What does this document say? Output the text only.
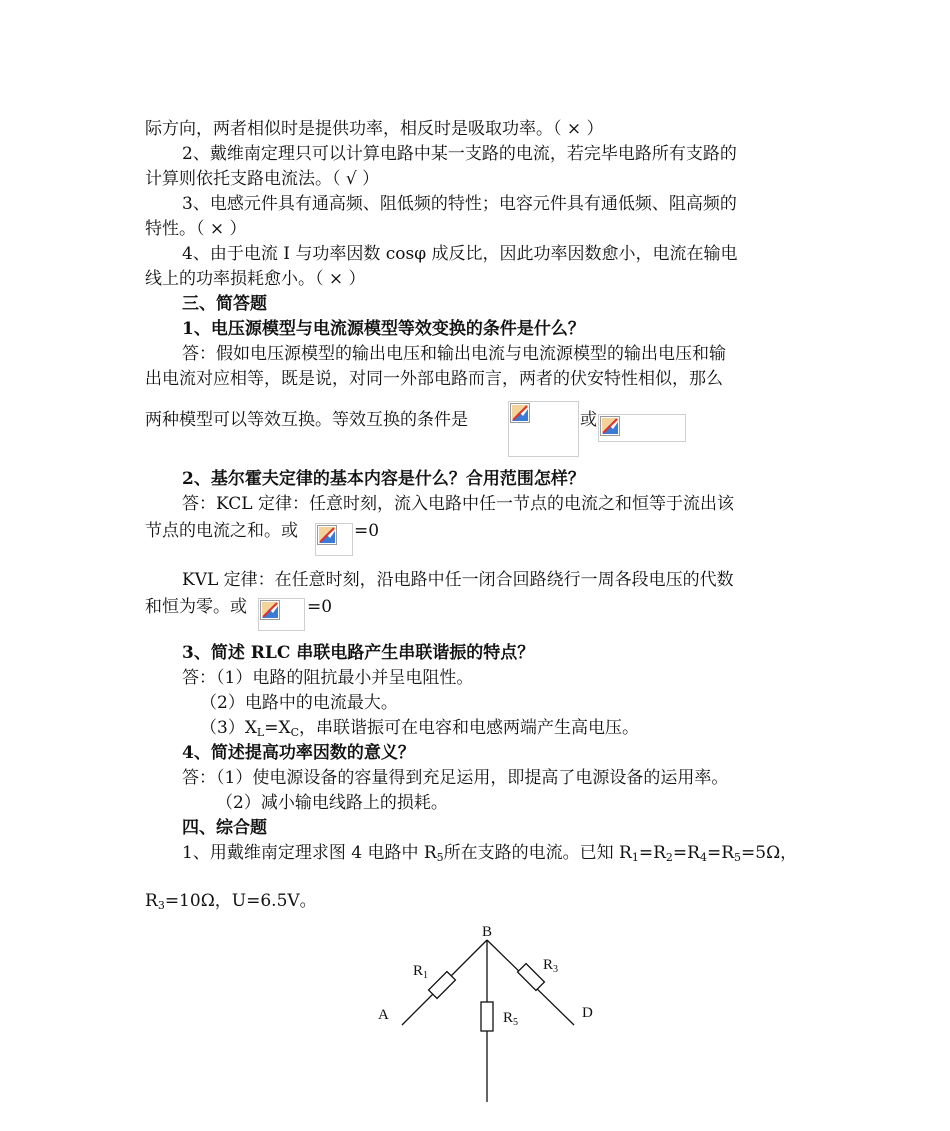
际方向，两者相似时是提供功率，相反时是吸取功率。（ × ）
2、戴维南定理只可以计算电路中某一支路的电流，若完毕电路所有支路的
计算则依托支路电流法。（ √ ）
3、电感元件具有通高频、阻低频的特性；电容元件具有通低频、阻高频的
特性。（ × ）
4、由于电流 I 与功率因数 cosφ 成反比，因此功率因数愈小，电流在输电
线上的功率损耗愈小。（ × ）
三、简答题
1、电压源模型与电流源模型等效变换的条件是什么？
答：假如电压源模型的输出电压和输出电流与电流源模型的输出电压和输
出电流对应相等，既是说，对同一外部电路而言，两者的伏安特性相似，那么
两种模型可以等效互换。等效互换的条件是	或
2、基尔霍夫定律的基本内容是什么？合用范围怎样？
答：KCL 定律：任意时刻，流入电路中任一节点的电流之和恒等于流出该
节点的电流之和。或	=0
KVL 定律：在任意时刻，沿电路中任一闭合回路绕行一周各段电压的代数
和恒为零。或	=0
3、简述 RLC 串联电路产生串联谐振的特点？
答：（1）电路的阻抗最小并呈电阻性。
（2）电路中的电流最大。
$(3)X_L=X_C$，串联谐振可在电容和电感两端产生高电压。
4、简述提高功率因数的意义？
答：（1）使电源设备的容量得到充足运用，即提高了电源设备的运用率。
（2）减小输电线路上的损耗。
四、综合题
1、用戴维南定理求图 4 电路中 $R_5$所在支路的电流。已知 $R_1=R_2=R_4=R_5=5\Omega$，
$R_3=10\Omega$，U=6.5V。
B
A	D
$R_1$
$R_3$
$R_5$
